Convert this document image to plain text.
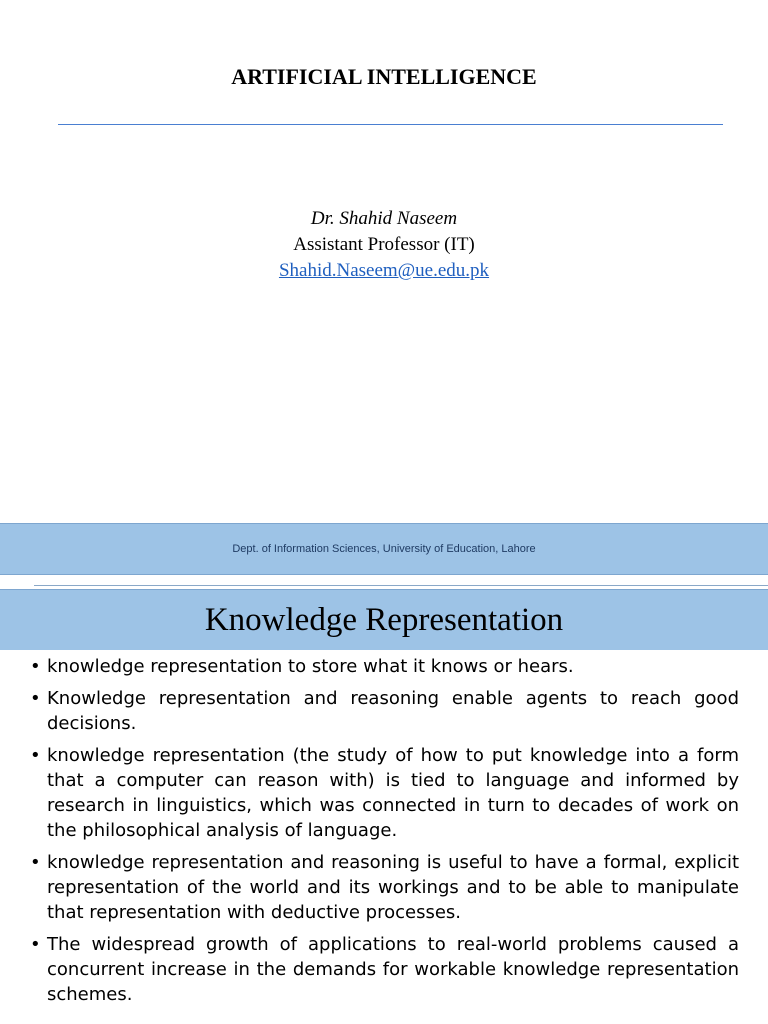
ARTIFICIAL INTELLIGENCE
Dr. Shahid Naseem
Assistant Professor (IT)
Shahid.Naseem@ue.edu.pk
Dept. of Information Sciences, University of Education, Lahore
Knowledge Representation
• knowledge representation to store what it knows or hears.
• Knowledge representation and reasoning enable agents to reach good decisions.
• knowledge representation (the study of how to put knowledge into a form that a computer can reason with) is tied to language and informed by research in linguistics, which was connected in turn to decades of work on the philosophical analysis of language.
• knowledge representation and reasoning is useful to have a formal, explicit representation of the world and its workings and to be able to manipulate that representation with deductive processes.
• The widespread growth of applications to real-world problems caused a concurrent increase in the demands for workable knowledge representation schemes.
